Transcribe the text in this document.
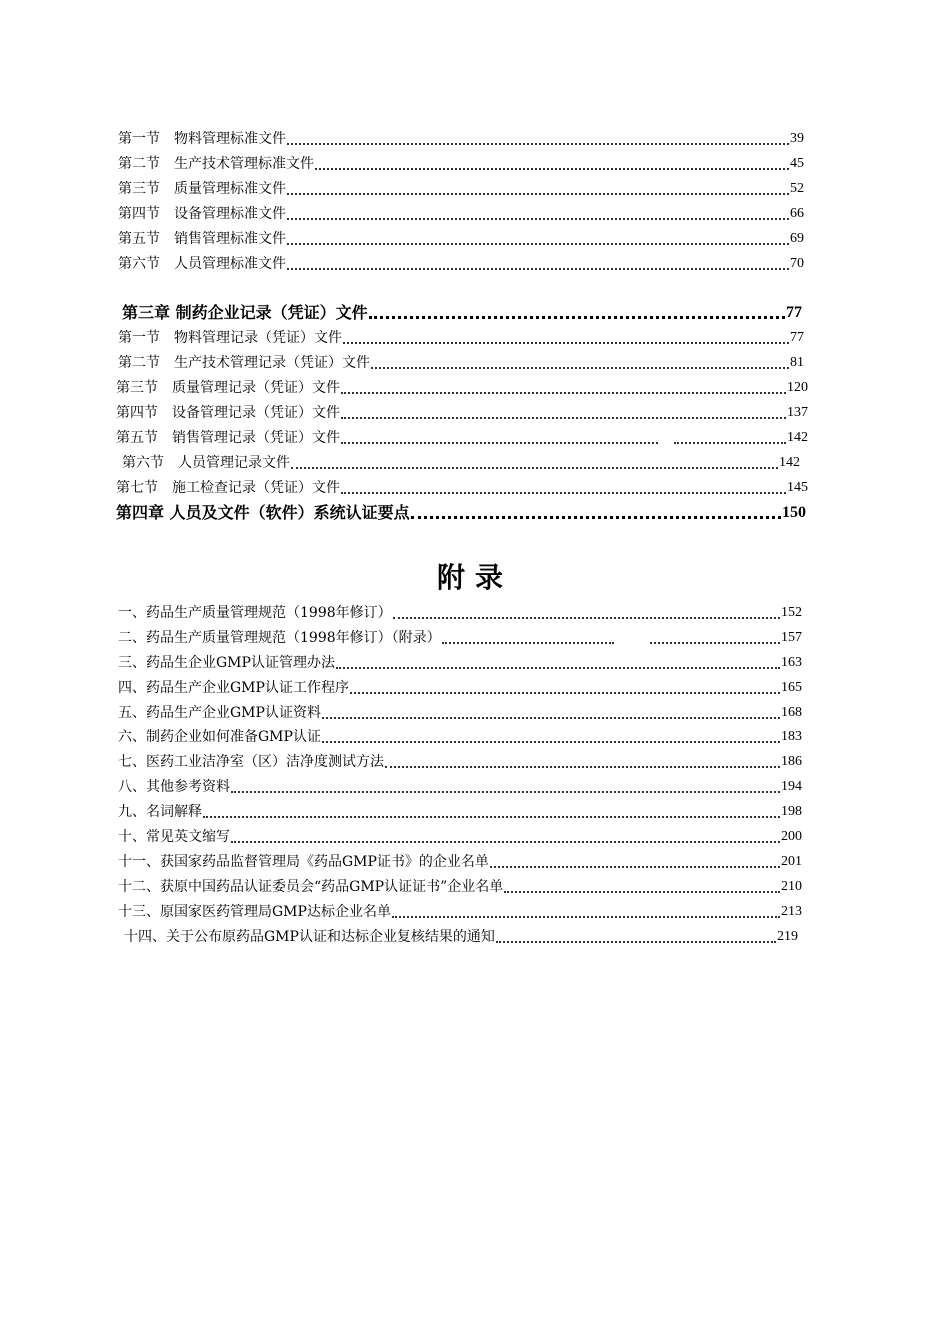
第一节　物料管理标准文件	39
第二节　生产技术管理标准文件	45
第三节　质量管理标准文件	52
第四节　设备管理标准文件	66
第五节　销售管理标准文件	69
第六节　人员管理标准文件	70
第三章 制药企业记录（凭证）文件	77
第一节　物料管理记录（凭证）文件	77
第二节　生产技术管理记录（凭证）文件	81
第三节　质量管理记录（凭证）文件	120
第四节　设备管理记录（凭证）文件	137
第五节　销售管理记录（凭证）文件	142
第六节　人员管理记录文件	142
第七节　施工检查记录（凭证）文件	145
第四章 人员及文件（软件）系统认证要点	150
附录
一、药品生产质量管理规范（1998年修订）	152
二、药品生产质量管理规范（1998年修订）（附录）	157
三、药品生企业GMP认证管理办法	163
四、药品生产企业GMP认证工作程序	165
五、药品生产企业GMP认证资料	168
六、制药企业如何准备GMP认证	183
七、医药工业洁净室（区）洁净度测试方法	186
八、其他参考资料	194
九、名词解释	198
十、常见英文缩写	200
十一、获国家药品监督管理局《药品GMP证书》的企业名单	201
十二、获原中国药品认证委员会“药品GMP认证证书”企业名单	210
十三、原国家医药管理局GMP达标企业名单	213
十四、关于公布原药品GMP认证和达标企业复核结果的通知	219
